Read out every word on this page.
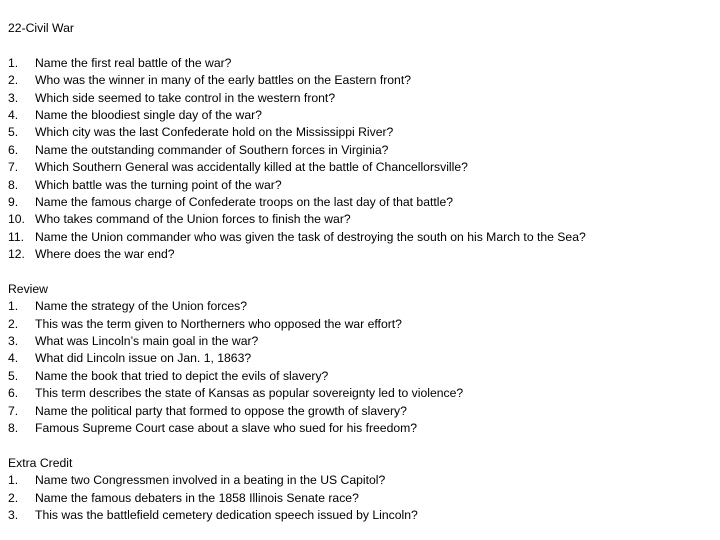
22-Civil War
1.	Name the first real battle of the war?
2.	Who was the winner in many of the early battles on the Eastern front?
3.	Which side seemed to take control in the western front?
4.	Name the bloodiest single day of the war?
5.	Which city was the last Confederate hold on the Mississippi River?
6.	Name the outstanding commander of Southern forces in Virginia?
7.	Which Southern General was accidentally killed at the battle of Chancellorsville?
8.	Which battle was the turning point of the war?
9.	Name the famous charge of Confederate troops on the last day of that battle?
10. Who takes command of the Union forces to finish the war?
11. Name the Union commander who was given the task of destroying the south on his March to the Sea?
12. Where does the war end?
Review
1.	Name the strategy of the Union forces?
2.	This was the term given to Northerners who opposed the war effort?
3.	What was Lincoln’s main goal in the war?
4.	What did Lincoln issue on Jan. 1, 1863?
5.	Name the book that tried to depict the evils of slavery?
6.	This term describes the state of Kansas as popular sovereignty led to violence?
7.	Name the political party that formed to oppose the growth of slavery?
8.	Famous Supreme Court case about a slave who sued for his freedom?
Extra Credit
1.	Name two Congressmen involved in a beating in the US Capitol?
2.	Name the famous debaters in the 1858 Illinois Senate race?
3.	This was the battlefield cemetery dedication speech issued by Lincoln?
